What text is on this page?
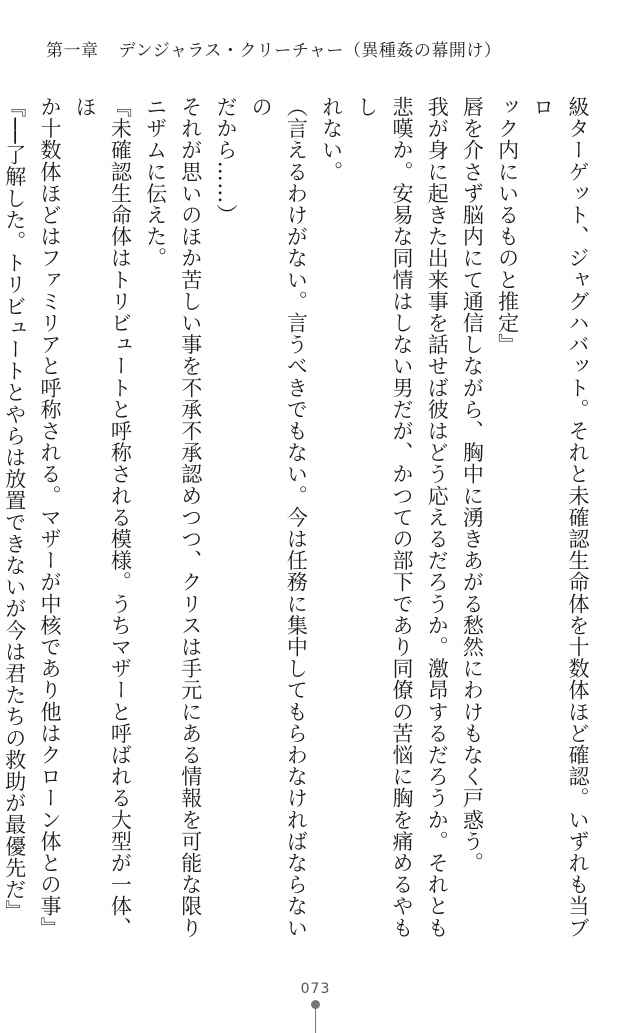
第一章 デンジャラス・クリーチャー（異種姦の幕開け）

級ターゲット、ジャグハバット。それと未確認生命体を十数体ほど確認。いずれも当ブロ

ック内にいるものと推定』

唇を介さず脳内にて通信しながら、胸中に湧きあがる愁然にわけもなく戸惑う。

我が身に起きた出来事を話せば彼はどう応えるだろうか。激昂するだろうか。それとも

悲嘆か。安易な同情はしない男だが、かつての部下であり同僚の苦悩に胸を痛めるやもし

れない。

（言えるわけがない。言うべきでもない。今は任務に集中してもらわなければならないの

だから……）

それが思いのほか苦しい事を不承不承認めつつ、クリスは手元にある情報を可能な限り

ニザムに伝えた。

『未確認生命体はトリビュートと呼称される模様。うちマザーと呼ばれる大型が一体、ほ

か十数体ほどはファミリアと呼称される。マザーが中核であり他はクローン体との事』

『──了解した。トリビュートとやらは放置できないが今は君たちの救助が最優先だ』

073
